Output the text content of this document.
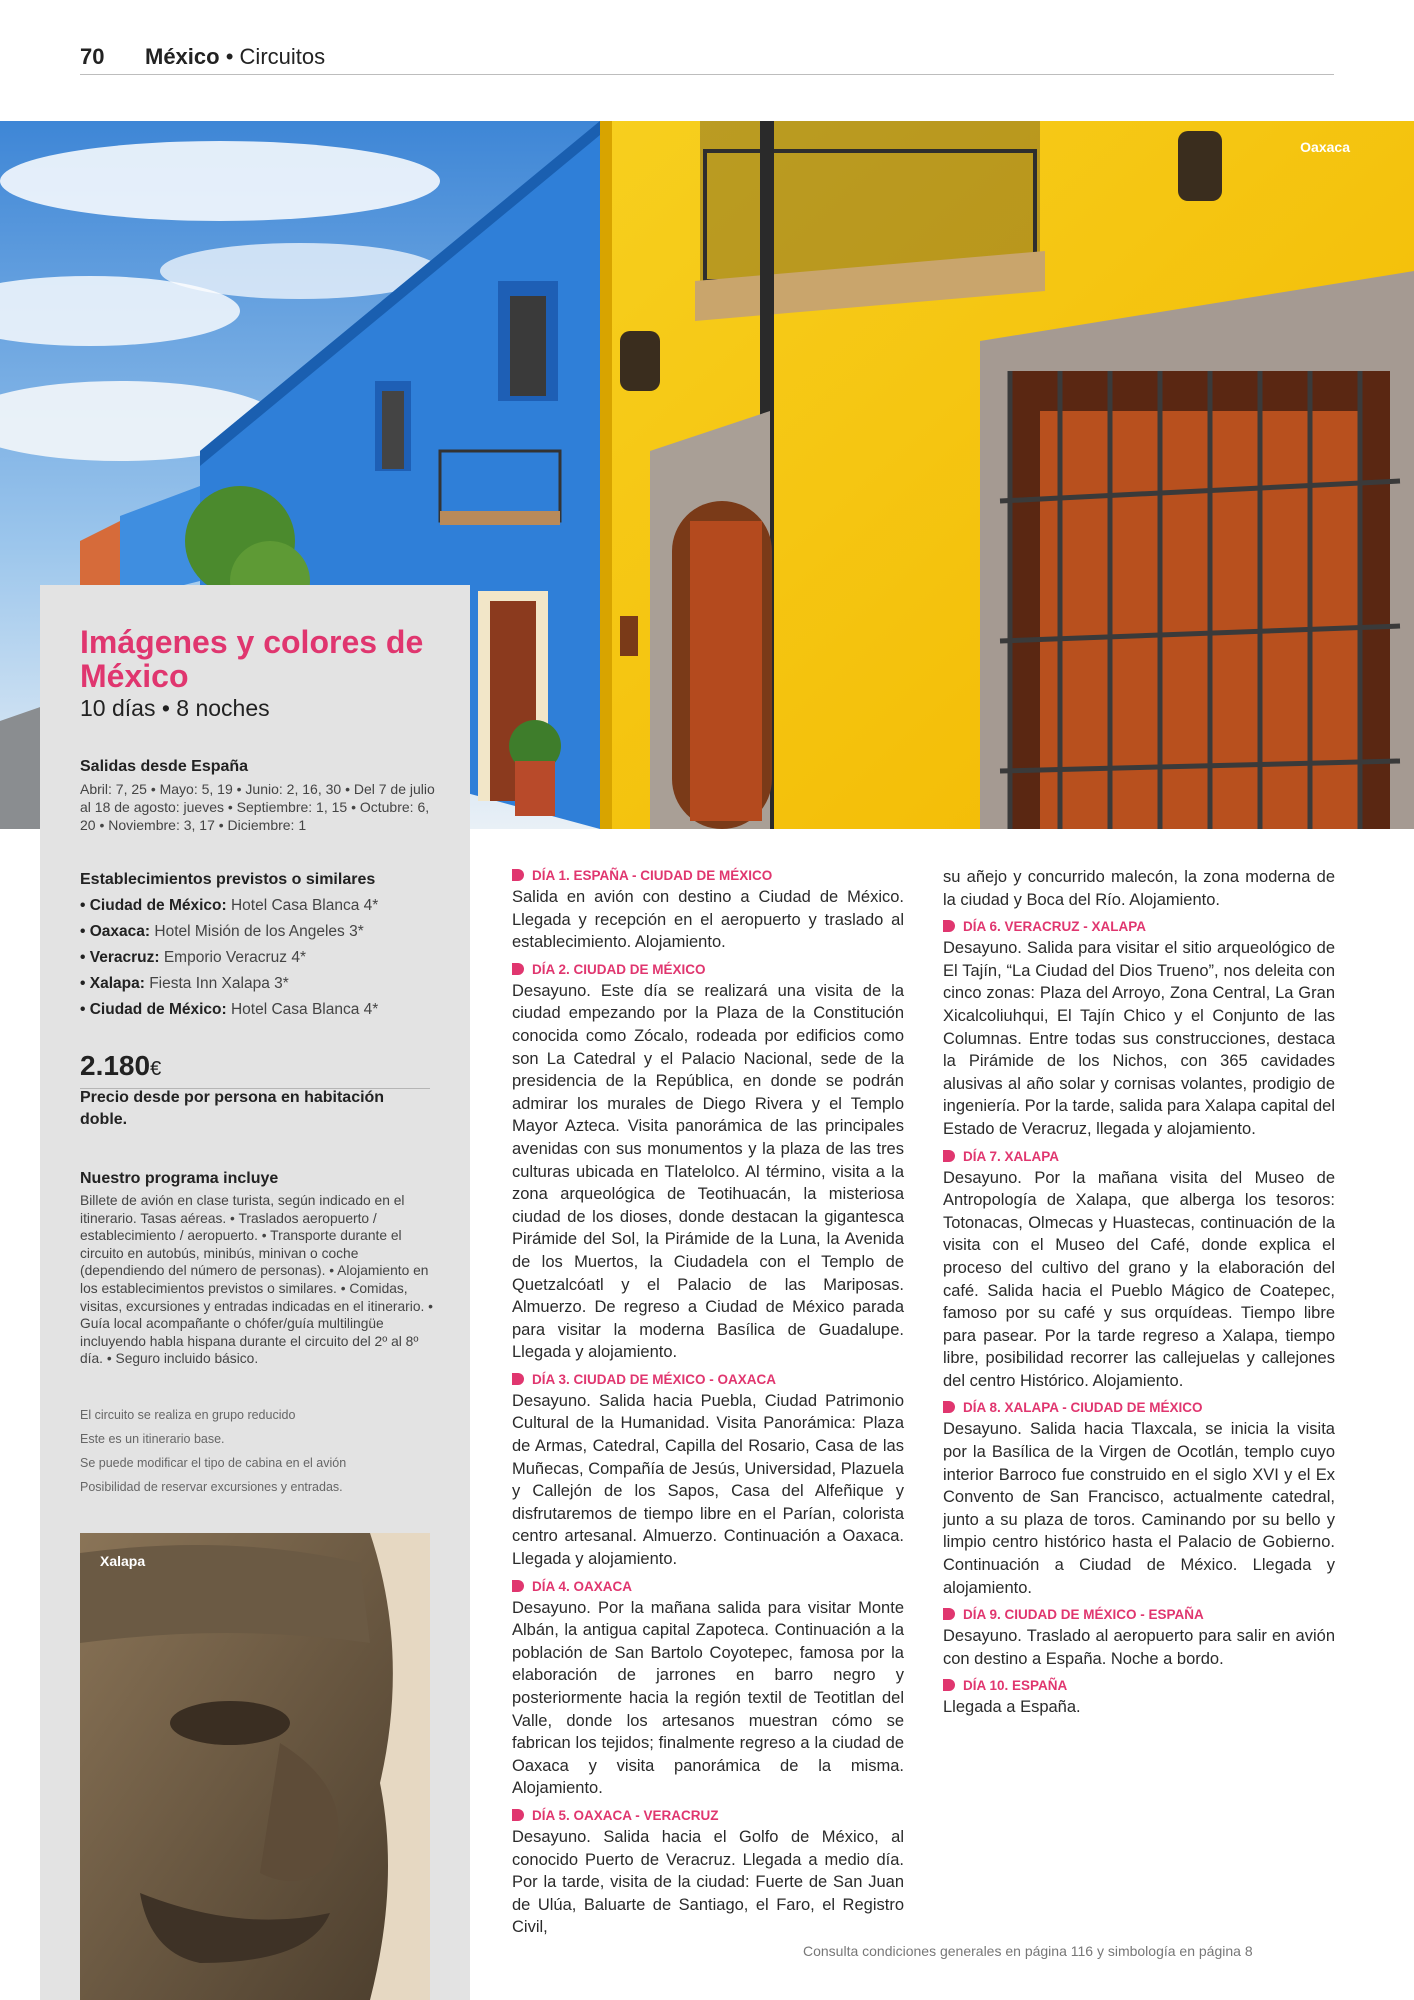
70 México • Circuitos
Oaxaca
Imágenes y colores de México
10 días • 8 noches
Salidas desde España
Abril: 7, 25 • Mayo: 5, 19 • Junio: 2, 16, 30 • Del 7 de julio al 18 de agosto: jueves • Septiembre: 1, 15 • Octubre: 6, 20 • Noviembre: 3, 17 • Diciembre: 1
Establecimientos previstos o similares
• Ciudad de México: Hotel Casa Blanca 4*
• Oaxaca: Hotel Misión de los Angeles 3*
• Veracruz: Emporio Veracruz 4*
• Xalapa: Fiesta Inn Xalapa 3*
• Ciudad de México: Hotel Casa Blanca 4*
2.180€
Precio desde por persona en habitación doble.
Nuestro programa incluye
Billete de avión en clase turista, según indicado en el itinerario. Tasas aéreas. • Traslados aeropuerto / establecimiento / aeropuerto. • Transporte durante el circuito en autobús, minibús, minivan o coche (dependiendo del número de personas). • Alojamiento en los establecimientos previstos o similares. • Comidas, visitas, excursiones y entradas indicadas en el itinerario. • Guía local acompañante o chófer/guía multilingüe incluyendo habla hispana durante el circuito del 2º al 8º día. • Seguro incluido básico.
El circuito se realiza en grupo reducido
Este es un itinerario base.
Se puede modificar el tipo de cabina en el avión
Posibilidad de reservar excursiones y entradas.
Xalapa
DÍA 1. ESPAÑA - CIUDAD DE MÉXICO
Salida en avión con destino a Ciudad de México. Llegada y recepción en el aeropuerto y traslado al establecimiento. Alojamiento.
DÍA 2. CIUDAD DE MÉXICO
Desayuno. Este día se realizará una visita de la ciudad empezando por la Plaza de la Constitución conocida como Zócalo, rodeada por edificios como son La Catedral y el Palacio Nacional, sede de la presidencia de la República, en donde se podrán admirar los murales de Diego Rivera y el Templo Mayor Azteca. Visita panorámica de las principales avenidas con sus monumentos y la plaza de las tres culturas ubicada en Tlatelolco. Al término, visita a la zona arqueológica de Teotihuacán, la misteriosa ciudad de los dioses, donde destacan la gigantesca Pirámide del Sol, la Pirámide de la Luna, la Avenida de los Muertos, la Ciudadela con el Templo de Quetzalcóatl y el Palacio de las Mariposas. Almuerzo. De regreso a Ciudad de México parada para visitar la moderna Basílica de Guadalupe. Llegada y alojamiento.
DÍA 3. CIUDAD DE MÉXICO - OAXACA
Desayuno. Salida hacia Puebla, Ciudad Patrimonio Cultural de la Humanidad. Visita Panorámica: Plaza de Armas, Catedral, Capilla del Rosario, Casa de las Muñecas, Compañía de Jesús, Universidad, Plazuela y Callejón de los Sapos, Casa del Alfeñique y disfrutaremos de tiempo libre en el Parían, colorista centro artesanal. Almuerzo. Continuación a Oaxaca. Llegada y alojamiento.
DÍA 4. OAXACA
Desayuno. Por la mañana salida para visitar Monte Albán, la antigua capital Zapoteca. Continuación a la población de San Bartolo Coyotepec, famosa por la elaboración de jarrones en barro negro y posteriormente hacia la región textil de Teotitlan del Valle, donde los artesanos muestran cómo se fabrican los tejidos; finalmente regreso a la ciudad de Oaxaca y visita panorámica de la misma. Alojamiento.
DÍA 5. OAXACA - VERACRUZ
Desayuno. Salida hacia el Golfo de México, al conocido Puerto de Veracruz. Llegada a medio día. Por la tarde, visita de la ciudad: Fuerte de San Juan de Ulúa, Baluarte de Santiago, el Faro, el Registro Civil,
su añejo y concurrido malecón, la zona moderna de la ciudad y Boca del Río. Alojamiento.
DÍA 6. VERACRUZ - XALAPA
Desayuno. Salida para visitar el sitio arqueológico de El Tajín, “La Ciudad del Dios Trueno”, nos deleita con cinco zonas: Plaza del Arroyo, Zona Central, La Gran Xicalcoliuhqui, El Tajín Chico y el Conjunto de las Columnas. Entre todas sus construcciones, destaca la Pirámide de los Nichos, con 365 cavidades alusivas al año solar y cornisas volantes, prodigio de ingeniería. Por la tarde, salida para Xalapa capital del Estado de Veracruz, llegada y alojamiento.
DÍA 7. XALAPA
Desayuno. Por la mañana visita del Museo de Antropología de Xalapa, que alberga los tesoros: Totonacas, Olmecas y Huastecas, continuación de la visita con el Museo del Café, donde explica el proceso del cultivo del grano y la elaboración del café. Salida hacia el Pueblo Mágico de Coatepec, famoso por su café y sus orquídeas. Tiempo libre para pasear. Por la tarde regreso a Xalapa, tiempo libre, posibilidad recorrer las callejuelas y callejones del centro Histórico. Alojamiento.
DÍA 8. XALAPA - CIUDAD DE MÉXICO
Desayuno. Salida hacia Tlaxcala, se inicia la visita por la Basílica de la Virgen de Ocotlán, templo cuyo interior Barroco fue construido en el siglo XVI y el Ex Convento de San Francisco, actualmente catedral, junto a su plaza de toros. Caminando por su bello y limpio centro histórico hasta el Palacio de Gobierno. Continuación a Ciudad de México. Llegada y alojamiento.
DÍA 9. CIUDAD DE MÉXICO - ESPAÑA
Desayuno. Traslado al aeropuerto para salir en avión con destino a España. Noche a bordo.
DÍA 10. ESPAÑA
Llegada a España.
Consulta condiciones generales en página 116 y simbología en página 8
